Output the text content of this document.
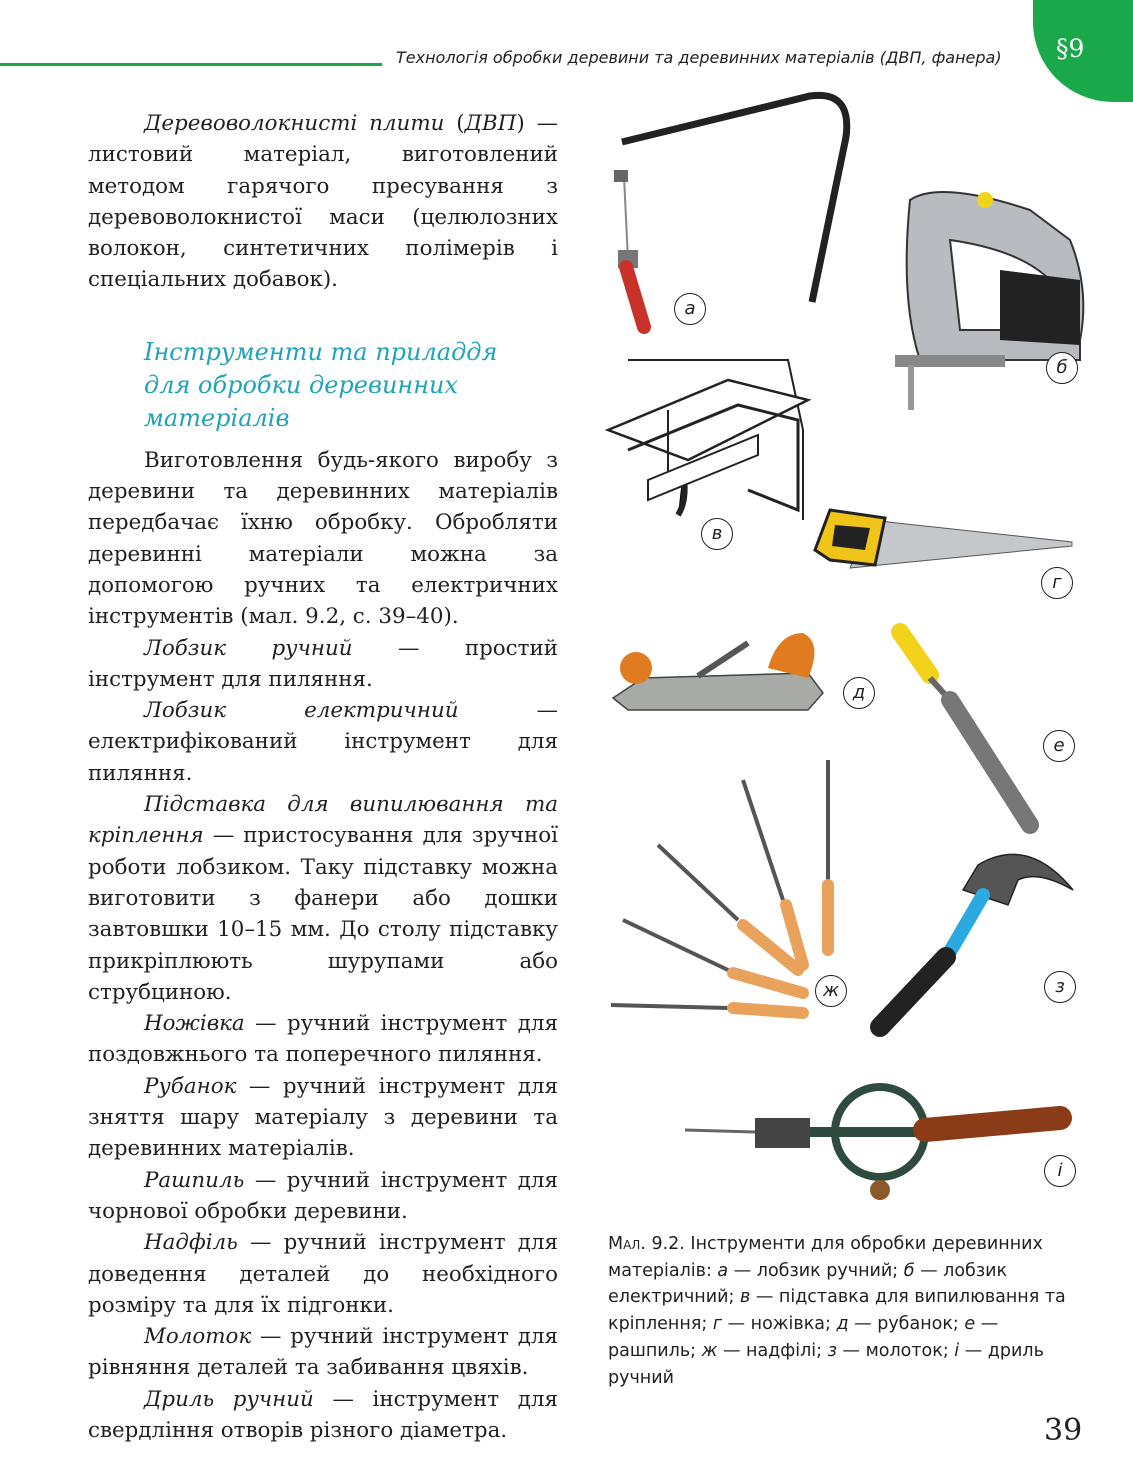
Технологія обробки деревини та деревинних матеріалів (ДВП, фанера) §9

Деревоволокнисті плити (ДВП) — листовий матеріал, виготовлений методом гарячого пресування з деревоволокнистої маси (целюлозних волокон, синтетичних полімерів і спеціальних добавок).

Інструменти та приладдя
для обробки деревинних матеріалів

Виготовлення будь-якого виробу з деревини та деревинних матеріалів передбачає їхню обробку. Обробляти деревинні матеріали можна за допомогою ручних та електричних інструментів (мал. 9.2, с. 39–40).

Лобзик ручний — простий інструмент для пиляння.

Лобзик електричний — електрифікований інструмент для пиляння.

Підставка для випилювання та кріплення — пристосування для зручної роботи лобзиком. Таку підставку можна виготовити з фанери або дошки завтовшки 10–15 мм. До столу підставку прикріплюють шурупами або струбциною.

Ножівка — ручний інструмент для поздовжнього та поперечного пиляння.

Рубанок — ручний інструмент для зняття шару матеріалу з деревини та деревинних матеріалів.

Рашпиль — ручний інструмент для чорнової обробки деревини.

Надфіль — ручний інструмент для доведення деталей до необхідного розміру та для їх підгонки.

Молоток — ручний інструмент для рівняння деталей та забивання цвяхів.

Дриль ручний — інструмент для свердління отворів різного діаметра.

а
б
в
г
д
е
ж	з
і
Мал. 9.2. Інструменти для обробки деревинних матеріалів: а — лобзик ручний; б — лобзик електричний; в — підставка для випилювання та кріплення; г — ножівка; д — рубанок; е — рашпиль; ж — надфілі; з — молоток; і — дриль ручний
39
